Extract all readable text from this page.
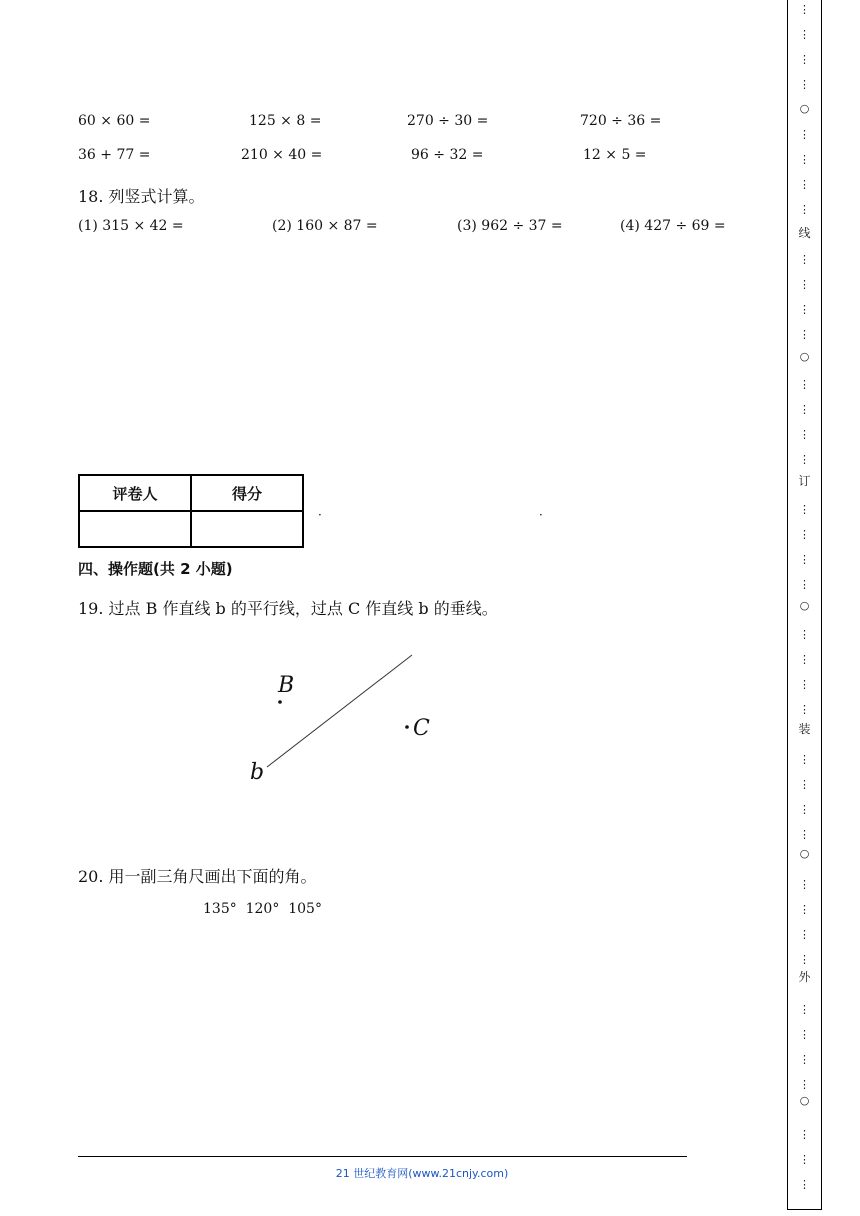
60 × 60 =	125 × 8 =	270 ÷ 30 =	720 ÷ 36 =
36 + 77 =	210 × 40 =	96 ÷ 32 =	12 × 5 =
18. 列竖式计算。
(1) 315 × 42 =	(2) 160 × 87 =	(3) 962 ÷ 37 =	(4) 427 ÷ 69 =
评卷人	得分

·	·
四、操作题(共 2 小题)
19. 过点 B 作直线 b 的平行线，过点 C 作直线 b 的垂线。
B
C
b
20. 用一副三角尺画出下面的角。
135°  120°  105°
21 世纪教育网(www.21cnjy.com)
⋮
⋮
⋮
⋮
⋮
⋮
⋮
⋮
⋮
⋮
⋮
⋮
⋮
⋮
⋮
⋮
⋮
⋮
⋮
⋮
⋮
⋮
⋮
⋮
⋮
⋮
⋮
⋮
⋮
⋮
⋮
⋮
⋮
⋮
⋮
⋮
⋮
⋮
⋮
○
○
○
○
○
线
订
装
外
